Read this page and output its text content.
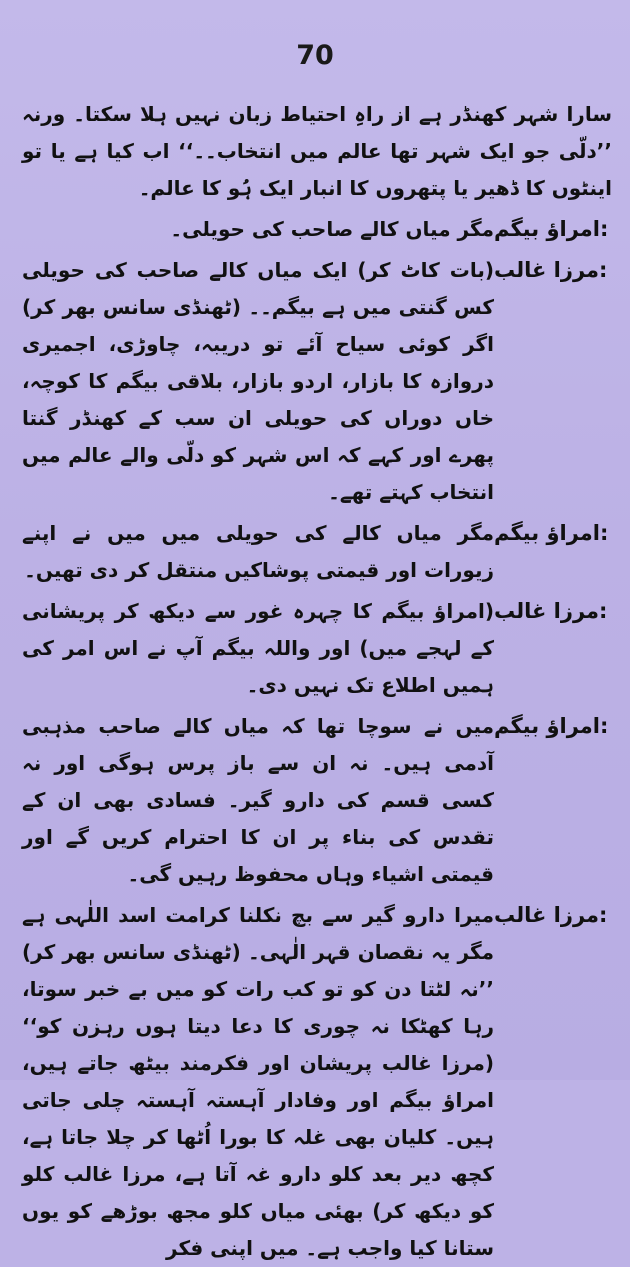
70
سارا شہر کھنڈر ہے از راہِ احتیاط زبان نہیں ہلا سکتا۔ ورنہ ’’دلّی جو ایک شہر تھا عالم میں انتخاب۔۔‘‘ اب کیا ہے یا تو اینٹوں کا ڈھیر یا پتھروں کا انبار ایک ہُو کا عالم۔
امراؤ بیگم :
مگر میاں کالے صاحب کی حویلی۔
مرزا غالب :
(بات کاٹ کر) ایک میاں کالے صاحب کی حویلی کس گنتی میں ہے بیگم۔۔ (ٹھنڈی سانس بھر کر) اگر کوئی سیاح آئے تو دریبہ، چاوڑی، اجمیری دروازہ کا بازار، اردو بازار، بلاقی بیگم کا کوچہ، خاں دوراں کی حویلی ان سب کے کھنڈر گنتا پھرے اور کہے کہ اس شہر کو دلّی والے عالم میں انتخاب کہتے تھے۔
امراؤ بیگم :
مگر میاں کالے کی حویلی میں میں نے اپنے زیورات اور قیمتی پوشاکیں منتقل کر دی تھیں۔
مرزا غالب :
(امراؤ بیگم کا چہرہ غور سے دیکھ کر پریشانی کے لہجے میں) اور واللہ بیگم آپ نے اس امر کی ہمیں اطلاع تک نہیں دی۔
امراؤ بیگم :
میں نے سوچا تھا کہ میاں کالے صاحب مذہبی آدمی ہیں۔ نہ ان سے باز پرس ہوگی اور نہ کسی قسم کی دارو گیر۔ فسادی بھی ان کے تقدس کی بناء پر ان کا احترام کریں گے اور قیمتی اشیاء وہاں محفوظ رہیں گی۔
مرزا غالب :
میرا دارو گیر سے بچ نکلنا کرامت اسد اللٰہی ہے مگر یہ نقصان قہر الٰہی۔ (ٹھنڈی سانس بھر کر) ’’نہ لٹتا دن کو تو کب رات کو میں بے خبر سوتا، رہا کھٹکا نہ چوری کا دعا دیتا ہوں رہزن کو‘‘ (مرزا غالب پریشان اور فکرمند بیٹھ جاتے ہیں، امراؤ بیگم اور وفادار آہستہ آہستہ چلی جاتی ہیں۔ کلیان بھی غلہ کا بورا اُٹھا کر چلا جاتا ہے، کچھ دیر بعد کلو دارو غہ آتا ہے، مرزا غالب کلو کو دیکھ کر) بھئی میاں کلو مجھ بوڑھے کو یوں ستانا کیا واجب ہے۔ میں اپنی فکر
